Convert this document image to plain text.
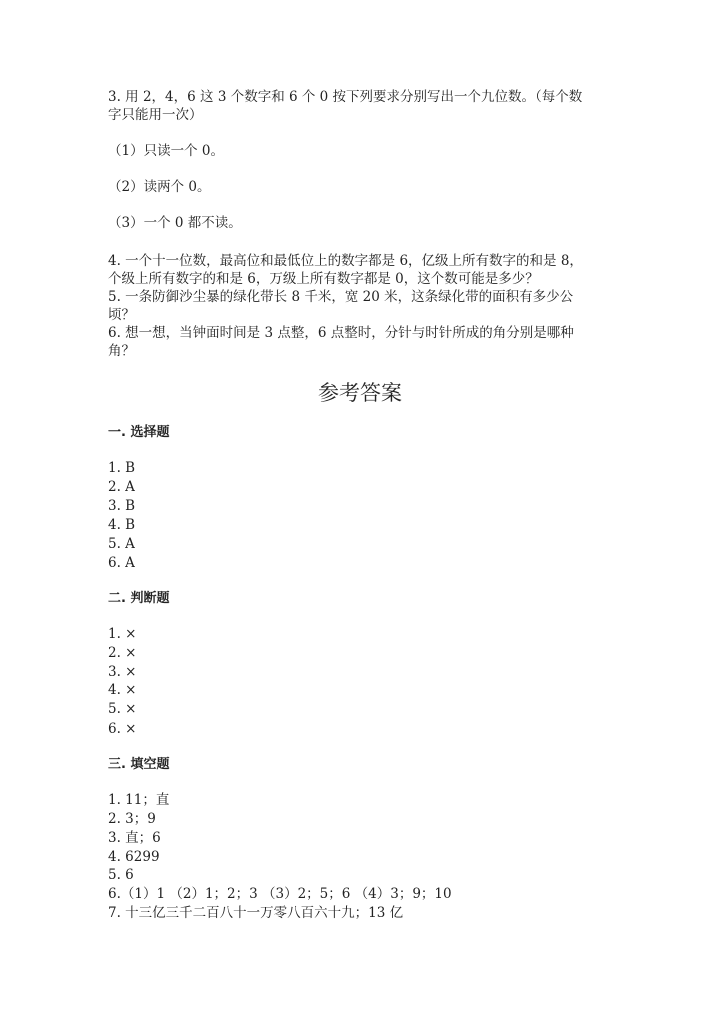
3. 用 2，4，6 这 3 个数字和 6 个 0 按下列要求分别写出一个九位数。（每个数
字只能用一次）
（1）只读一个 0。
（2）读两个 0。
（3）一个 0 都不读。
4. 一个十一位数，最高位和最低位上的数字都是 6，亿级上所有数字的和是 8，
个级上所有数字的和是 6，万级上所有数字都是 0，这个数可能是多少？
5. 一条防御沙尘暴的绿化带长 8 千米，宽 20 米，这条绿化带的面积有多少公
顷？
6. 想一想，当钟面时间是 3 点整，6 点整时，分针与时针所成的角分别是哪种
角？
参考答案
一. 选择题
1. B
2. A
3. B
4. B
5. A
6. A
二. 判断题
1. ×
2. ×
3. ×
4. ×
5. ×
6. ×
三. 填空题
1. 11；直
2. 3；9
3. 直；6
4. 6299
5. 6
6.（1）1 （2）1；2；3 （3）2；5；6 （4）3；9；10
7. 十三亿三千二百八十一万零八百六十九；13 亿
